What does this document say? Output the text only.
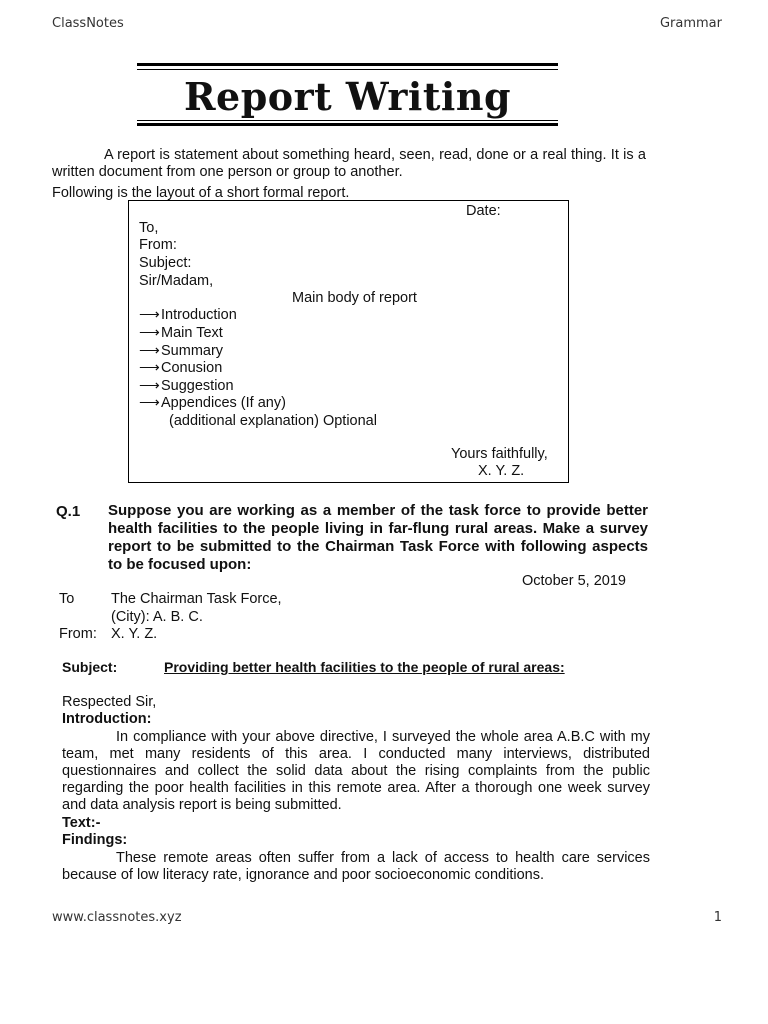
ClassNotes	Grammar
Report Writing
A report is statement about something heard, seen, read, done or a real thing. It is a written document from one person or group to another.
Following is the layout of a short formal report.
Date:
To,
From:
Subject:
Sir/Madam,
Main body of report
⟶Introduction
⟶Main Text
⟶Summary
⟶Conusion
⟶Suggestion
⟶Appendices (If any)
(additional explanation) Optional
Yours faithfully,
X. Y. Z.
Q.1 Suppose you are working as a member of the task force to provide better health facilities to the people living in far-flung rural areas. Make a survey report to be submitted to the Chairman Task Force with following aspects to be focused upon:
October 5, 2019
To	The Chairman Task Force,
(City): A. B. C.
From: X. Y. Z.
Subject:	Providing better health facilities to the people of rural areas:
Respected Sir,
Introduction:
In compliance with your above directive, I surveyed the whole area A.B.C with my team, met many residents of this area. I conducted many interviews, distributed questionnaires and collect the solid data about the rising complaints from the public regarding the poor health facilities in this remote area. After a thorough one week survey and data analysis report is being submitted.
Text:-
Findings:
These remote areas often suffer from a lack of access to health care services because of low literacy rate, ignorance and poor socioeconomic conditions.
www.classnotes.xyz	1
